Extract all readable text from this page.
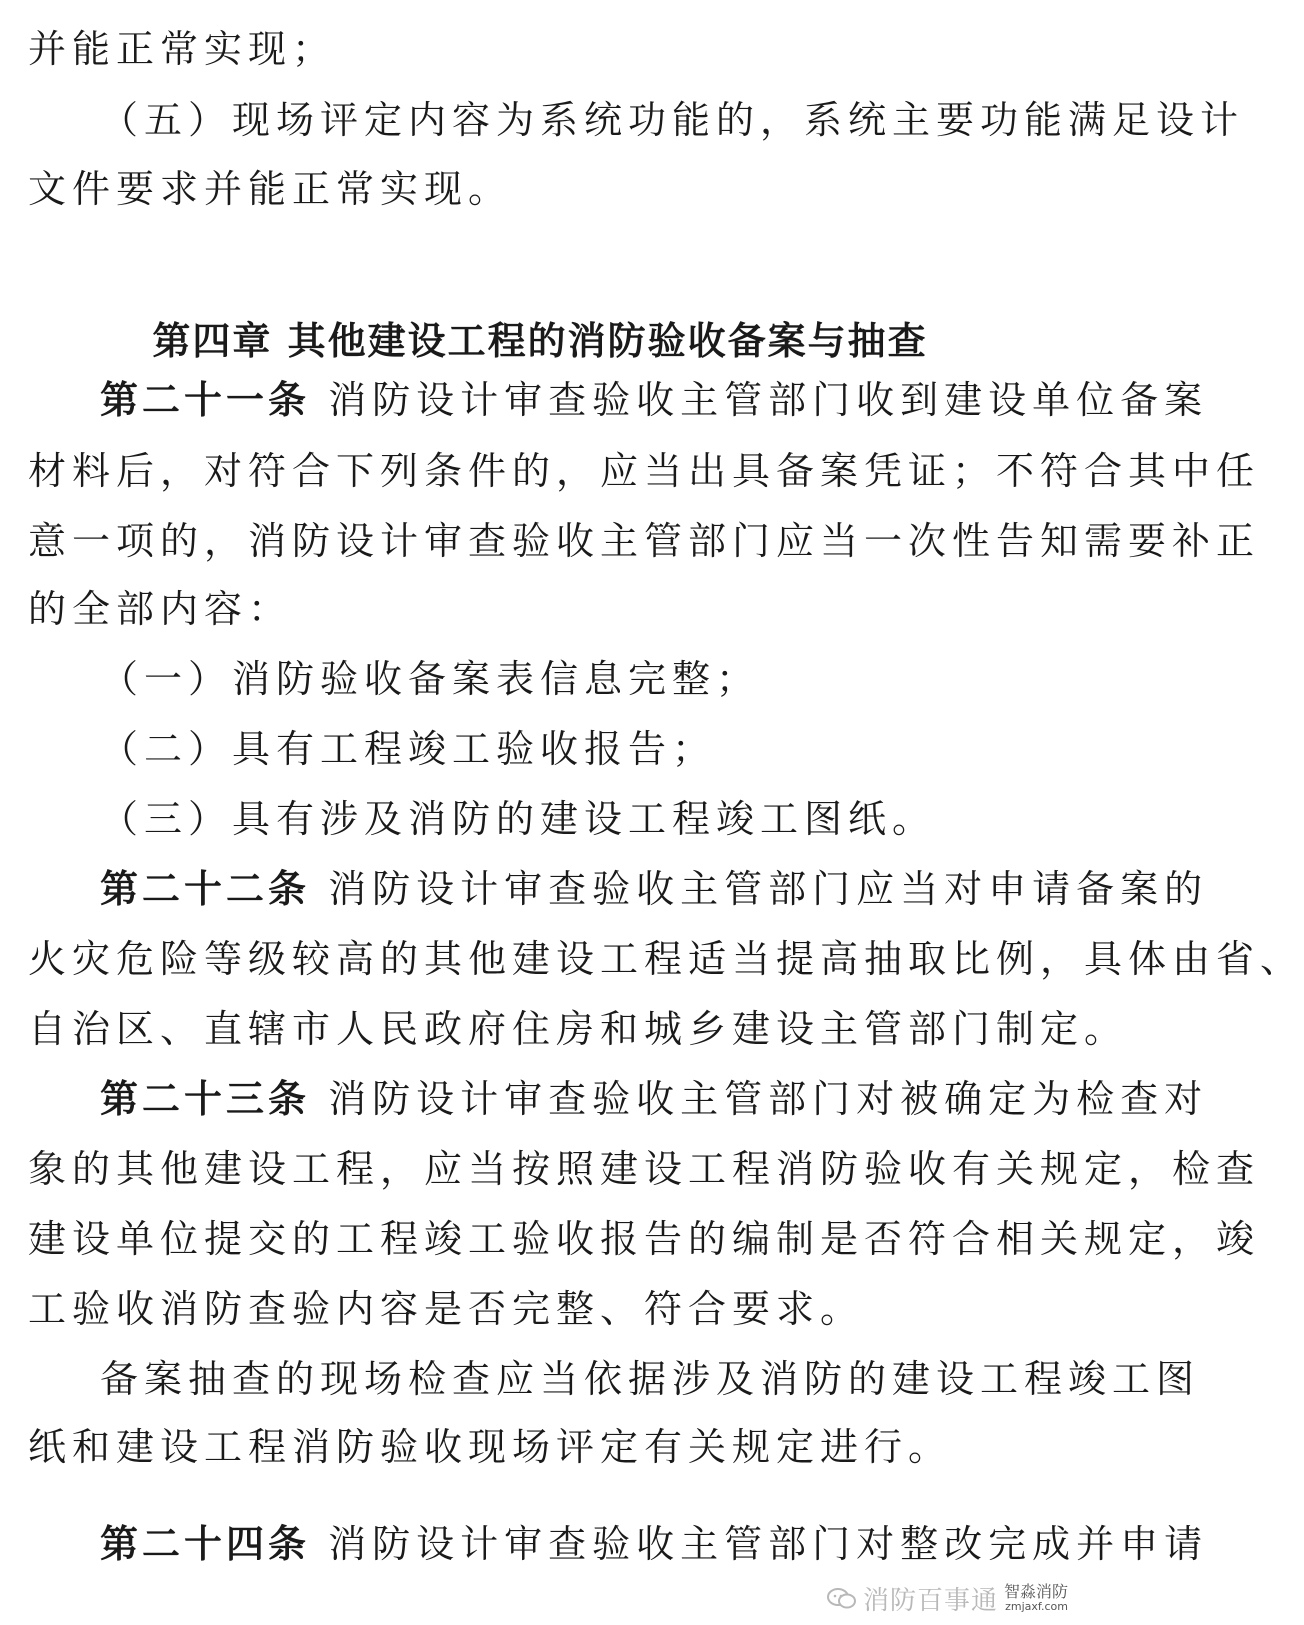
并能正常实现；
（五）现场评定内容为系统功能的，系统主要功能满足设计
文件要求并能正常实现。
第四章 其他建设工程的消防验收备案与抽查
第二十一条 消防设计审查验收主管部门收到建设单位备案
材料后，对符合下列条件的，应当出具备案凭证；不符合其中任
意一项的，消防设计审查验收主管部门应当一次性告知需要补正
的全部内容：
（一）消防验收备案表信息完整；
（二）具有工程竣工验收报告；
（三）具有涉及消防的建设工程竣工图纸。
第二十二条 消防设计审查验收主管部门应当对申请备案的
火灾危险等级较高的其他建设工程适当提高抽取比例，具体由省、
自治区、直辖市人民政府住房和城乡建设主管部门制定。
第二十三条 消防设计审查验收主管部门对被确定为检查对
象的其他建设工程，应当按照建设工程消防验收有关规定，检查
建设单位提交的工程竣工验收报告的编制是否符合相关规定，竣
工验收消防查验内容是否完整、符合要求。
备案抽查的现场检查应当依据涉及消防的建设工程竣工图
纸和建设工程消防验收现场评定有关规定进行。
第二十四条 消防设计审查验收主管部门对整改完成并申请
消防百事通 智淼消防
zmjaxf.com
